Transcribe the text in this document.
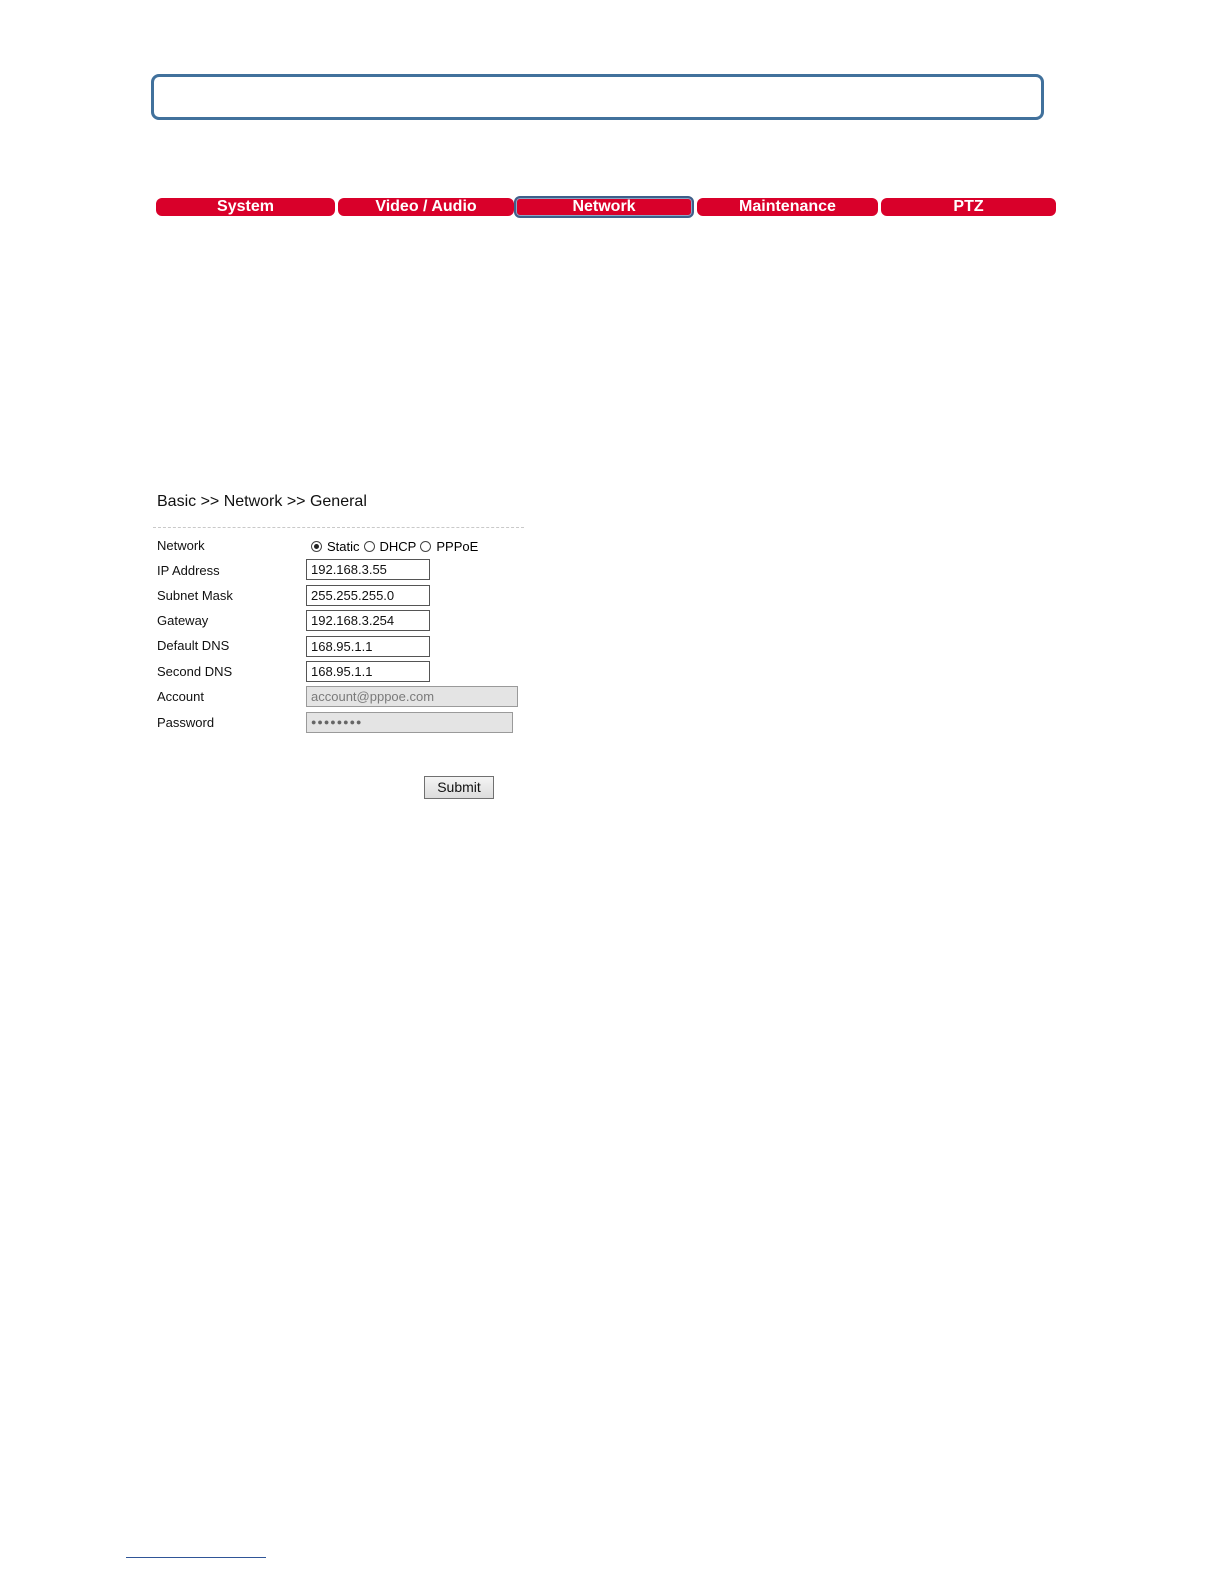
System	Video / Audio	Network	Maintenance	PTZ
Basic >> Network >> General
Network	Static DHCP PPPoE
IP Address	192.168.3.55
Subnet Mask	255.255.255.0
Gateway	192.168.3.254
Default DNS	168.95.1.1
Second DNS	168.95.1.1
Account	account@pppoe.com
Password	●●●●●●●●
Submit
